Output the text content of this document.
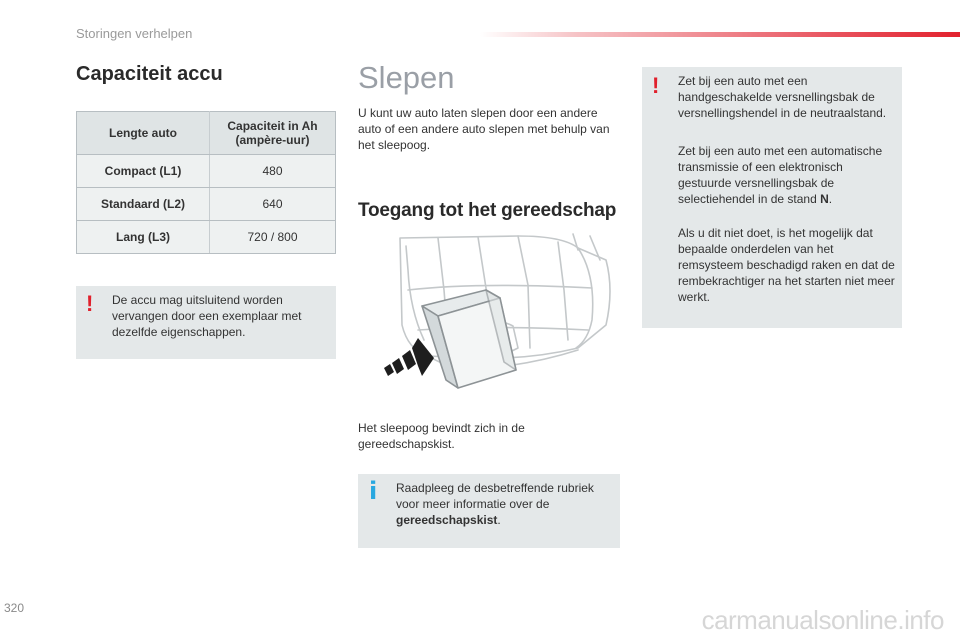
Storingen verhelpen
Capaciteit accu
Lengte auto	Capaciteit in Ah (ampère-uur)
Compact (L1)	480
Standaard (L2)	640
Lang (L3)	720 / 800
! De accu mag uitsluitend worden vervangen door een exemplaar met dezelfde eigenschappen.

Slepen

U kunt uw auto laten slepen door een andere auto of een andere auto slepen met behulp van het sleepoog.

Toegang tot het gereedschap

Het sleepoog bevindt zich in de gereedschapskist.

i Raadpleeg de desbetreffende rubriek voor meer informatie over de gereedschapskist.

! Zet bij een auto met een handgeschakelde versnellingsbak de versnellingshendel in de neutraalstand.

Zet bij een auto met een automatische transmissie of een elektronisch gestuurde versnellingsbak de selectiehendel in de stand N.

Als u dit niet doet, is het mogelijk dat bepaalde onderdelen van het remsysteem beschadigd raken en dat de rembekrachtiger na het starten niet meer werkt.

320	carmanualsonline.info
